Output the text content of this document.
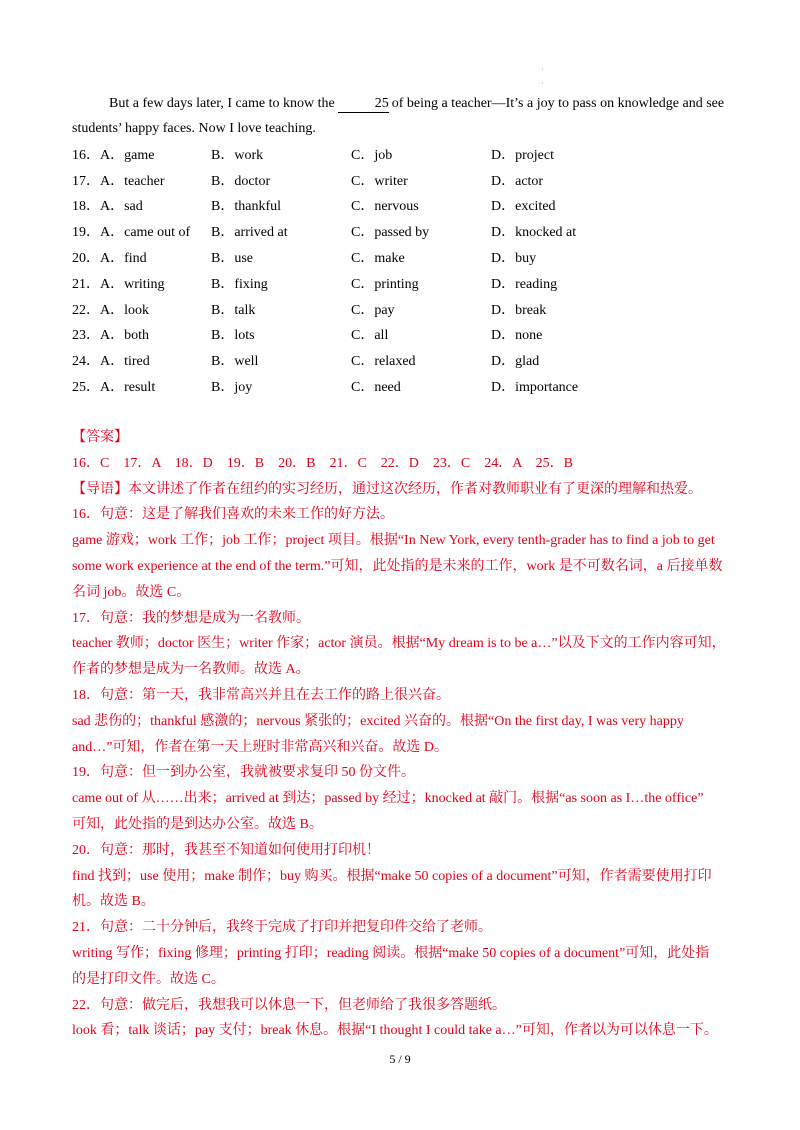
·
·

But a few days later, I came to know the	25 of being a teacher—It’s a joy to pass on knowledge and see
students’ happy faces. Now I love teaching.

16．A．game	B．work	C．job	D．project
17．A．teacher	B．doctor	C．writer	D．actor
18．A．sad	B．thankful	C．nervous	D．excited
19．A．came out of	B．arrived at	C．passed by	D．knocked at
20．A．find	B．use	C．make	D．buy
21．A．writing	B．fixing	C．printing	D．reading
22．A．look	B．talk	C．pay	D．break
23．A．both	B．lots	C．all	D．none
24．A．tired	B．well	C．relaxed	D．glad
25．A．result	B．joy	C．need	D．importance
【答案】
16．C　17．A　18．D　19．B　20．B　21．C　22．D　23．C　24．A　25．B
【导语】本文讲述了作者在纽约的实习经历，通过这次经历，作者对教师职业有了更深的理解和热爱。
16．句意：这是了解我们喜欢的未来工作的好方法。
game 游戏；work 工作；job 工作；project 项目。根据“In New York, every tenth-grader has to find a job to get
some work experience at the end of the term.”可知，此处指的是未来的工作，work 是不可数名词，a 后接单数
名词 job。故选 C。
17．句意：我的梦想是成为一名教师。
teacher 教师；doctor 医生；writer 作家；actor 演员。根据“My dream is to be a…”以及下文的工作内容可知，
作者的梦想是成为一名教师。故选 A。
18．句意：第一天，我非常高兴并且在去工作的路上很兴奋。
sad 悲伤的；thankful 感激的；nervous 紧张的；excited 兴奋的。根据“On the first day, I was very happy
and…”可知，作者在第一天上班时非常高兴和兴奋。故选 D。
19．句意：但一到办公室，我就被要求复印 50 份文件。
came out of 从……出来；arrived at 到达；passed by 经过；knocked at 敲门。根据“as soon as I…the office”
可知，此处指的是到达办公室。故选 B。
20．句意：那时，我甚至不知道如何使用打印机！
find 找到；use 使用；make 制作；buy 购买。根据“make 50 copies of a document”可知，作者需要使用打印
机。故选 B。
21．句意：二十分钟后，我终于完成了打印并把复印件交给了老师。
writing 写作；fixing 修理；printing 打印；reading 阅读。根据“make 50 copies of a document”可知，此处指
的是打印文件。故选 C。
22．句意：做完后，我想我可以休息一下，但老师给了我很多答题纸。
look 看；talk 谈话；pay 支付；break 休息。根据“I thought I could take a…”可知，作者以为可以休息一下。
5 / 9
